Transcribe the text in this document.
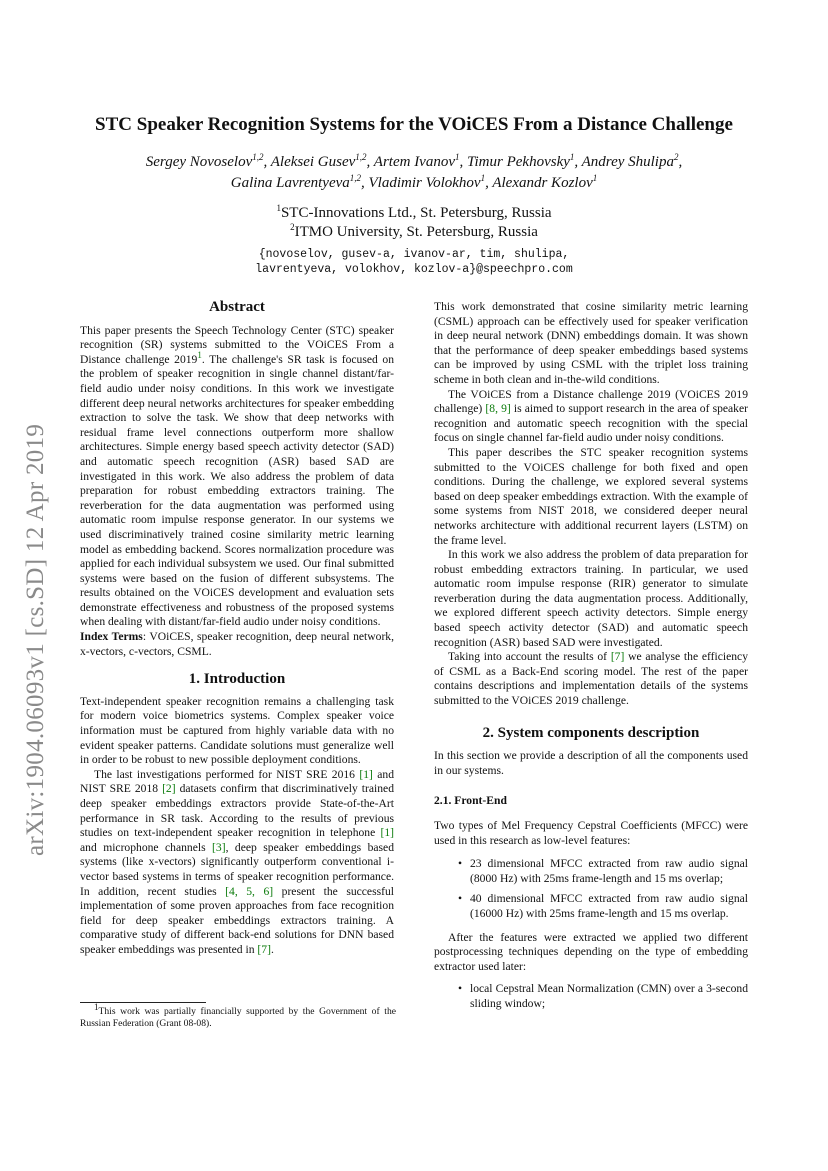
arXiv:1904.06093v1 [cs.SD] 12 Apr 2019
STC Speaker Recognition Systems for the VOiCES From a Distance Challenge
Sergey Novoselov$^{1,2}$, Aleksei Gusev$^{1,2}$, Artem Ivanov$^1$, Timur Pekhovsky$^1$, Andrey Shulipa$^2$,
Galina Lavrentyeva$^{1,2}$, Vladimir Volokhov$^1$, Alexandr Kozlov$^1$
$^1$STC-Innovations Ltd., St. Petersburg, Russia
$^2$ITMO University, St. Petersburg, Russia
{novoselov, gusev-a, ivanov-ar, tim, shulipa,
lavrentyeva, volokhov, kozlov-a}@speechpro.com
Abstract

This paper presents the Speech Technology Center (STC) speaker recognition (SR) systems submitted to the VOiCES From a Distance challenge 2019$^1$. The challenge's SR task is focused on the problem of speaker recognition in single channel distant/far-field audio under noisy conditions. In this work we investigate different deep neural networks architectures for speaker embedding extraction to solve the task. We show that deep networks with residual frame level connections outperform more shallow architectures. Simple energy based speech activity detector (SAD) and automatic speech recognition (ASR) based SAD are investigated in this work. We also address the problem of data preparation for robust embedding extractors training. The reverberation for the data augmentation was performed using automatic room impulse response generator. In our systems we used discriminatively trained cosine similarity metric learning model as embedding backend. Scores normalization procedure was applied for each individual subsystem we used. Our final submitted systems were based on the fusion of different subsystems. The results obtained on the VOiCES development and evaluation sets demonstrate effectiveness and robustness of the proposed systems when dealing with distant/far-field audio under noisy conditions.

Index Terms: VOiCES, speaker recognition, deep neural network, x-vectors, c-vectors, CSML.

1. Introduction

Text-independent speaker recognition remains a challenging task for modern voice biometrics systems. Complex speaker voice information must be captured from highly variable data with no evident speaker patterns. Candidate solutions must generalize well in order to be robust to new possible deployment conditions.

The last investigations performed for NIST SRE 2016 [1] and NIST SRE 2018 [2] datasets confirm that discriminatively trained deep speaker embeddings extractors provide State-of-the-Art performance in SR task. According to the results of previous studies on text-independent speaker recognition in telephone [1] and microphone channels [3], deep speaker embeddings based systems (like x-vectors) significantly outperform conventional i-vector based systems in terms of speaker recognition performance. In addition, recent studies [4, 5, 6] present the successful implementation of some proven approaches from face recognition field for deep speaker embeddings extractors training. A comparative study of different back-end solutions for DNN based speaker embeddings was presented in [7].

$^1$This work was partially financially supported by the Government of the Russian Federation (Grant 08-08).

This work demonstrated that cosine similarity metric learning (CSML) approach can be effectively used for speaker verification in deep neural network (DNN) embeddings domain. It was shown that the performance of deep speaker embeddings based systems can be improved by using CSML with the triplet loss training scheme in both clean and in-the-wild conditions.

The VOiCES from a Distance challenge 2019 (VOiCES 2019 challenge) [8, 9] is aimed to support research in the area of speaker recognition and automatic speech recognition with the special focus on single channel far-field audio under noisy conditions.

This paper describes the STC speaker recognition systems submitted to the VOiCES challenge for both fixed and open conditions. During the challenge, we explored several systems based on deep speaker embeddings extraction. With the example of some systems from NIST 2018, we considered deeper neural networks architecture with additional recurrent layers (LSTM) on the frame level.

In this work we also address the problem of data preparation for robust embedding extractors training. In particular, we used automatic room impulse response (RIR) generator to simulate reverberation during the data augmentation process. Additionally, we explored different speech activity detectors. Simple energy based speech activity detector (SAD) and automatic speech recognition (ASR) based SAD were investigated.

Taking into account the results of [7] we analyse the efficiency of CSML as a Back-End scoring model. The rest of the paper contains descriptions and implementation details of the systems submitted to the VOiCES 2019 challenge.

2. System components description

In this section we provide a description of all the components used in our systems.

2.1. Front-End

Two types of Mel Frequency Cepstral Coefficients (MFCC) were used in this research as low-level features:

• 23 dimensional MFCC extracted from raw audio signal (8000 Hz) with 25ms frame-length and 15 ms overlap;
• 40 dimensional MFCC extracted from raw audio signal (16000 Hz) with 25ms frame-length and 15 ms overlap.

After the features were extracted we applied two different postprocessing techniques depending on the type of embedding extractor used later:

• local Cepstral Mean Normalization (CMN) over a 3-second sliding window;
